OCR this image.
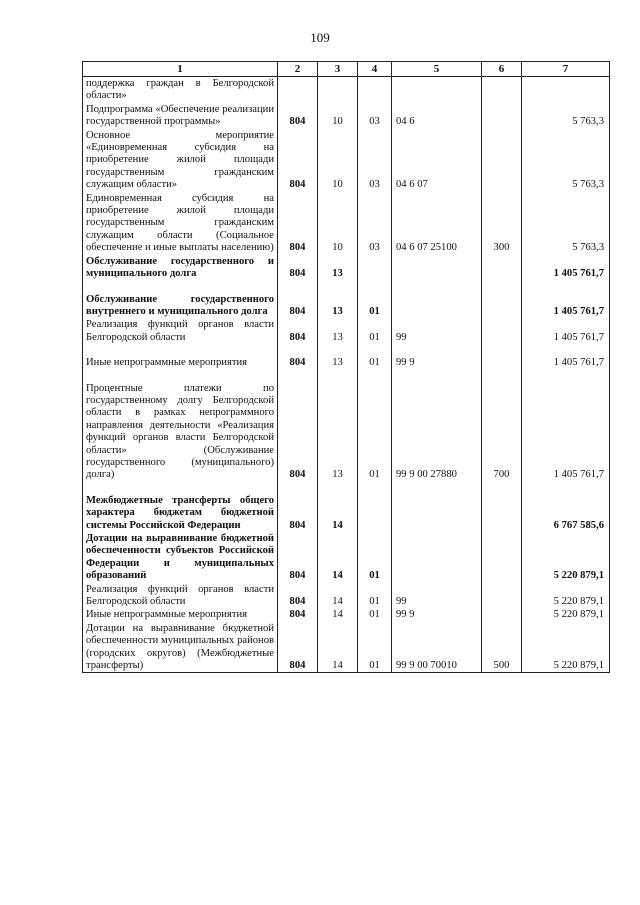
109
1	2	3	4	5	6	7
поддержка граждан в Белгородской области»						
Подпрограмма «Обеспечение реализации государственной программы»	804	10	03	04 6		5 763,3
Основное мероприятие «Единовременная субсидия на приобретение жилой площади государственным гражданским служащим области»	804	10	03	04 6 07		5 763,3
Единовременная субсидия на приобретение жилой площади государственным гражданским служащим области (Социальное обеспечение и иные выплаты населению)	804	10	03	04 6 07 25100	300	5 763,3
Обслуживание государственного и муниципального долга	804	13				1 405 761,7

Обслуживание государственного внутреннего и муниципального долга	804	13	01			1 405 761,7
Реализация функций органов власти Белгородской области	804	13	01	99		1 405 761,7

Иные непрограммные мероприятия	804	13	01	99 9		1 405 761,7

Процентные платежи по государственному долгу Белгородской области в рамках непрограммного направления деятельности «Реализация функций органов власти Белгородской области» (Обслуживание государственного (муниципального) долга)	804	13	01	99 9 00 27880	700	1 405 761,7

Межбюджетные трансферты общего характера бюджетам бюджетной системы Российской Федерации	804	14				6 767 585,6
Дотации на выравнивание бюджетной обеспеченности субъектов Российской Федерации и муниципальных образований	804	14	01			5 220 879,1
Реализация функций органов власти Белгородской области	804	14	01	99		5 220 879,1
Иные непрограммные мероприятия	804	14	01	99 9		5 220 879,1
Дотации на выравнивание бюджетной обеспеченности муниципальных районов (городских округов) (Межбюджетные трансферты)	804	14	01	99 9 00 70010	500	5 220 879,1
